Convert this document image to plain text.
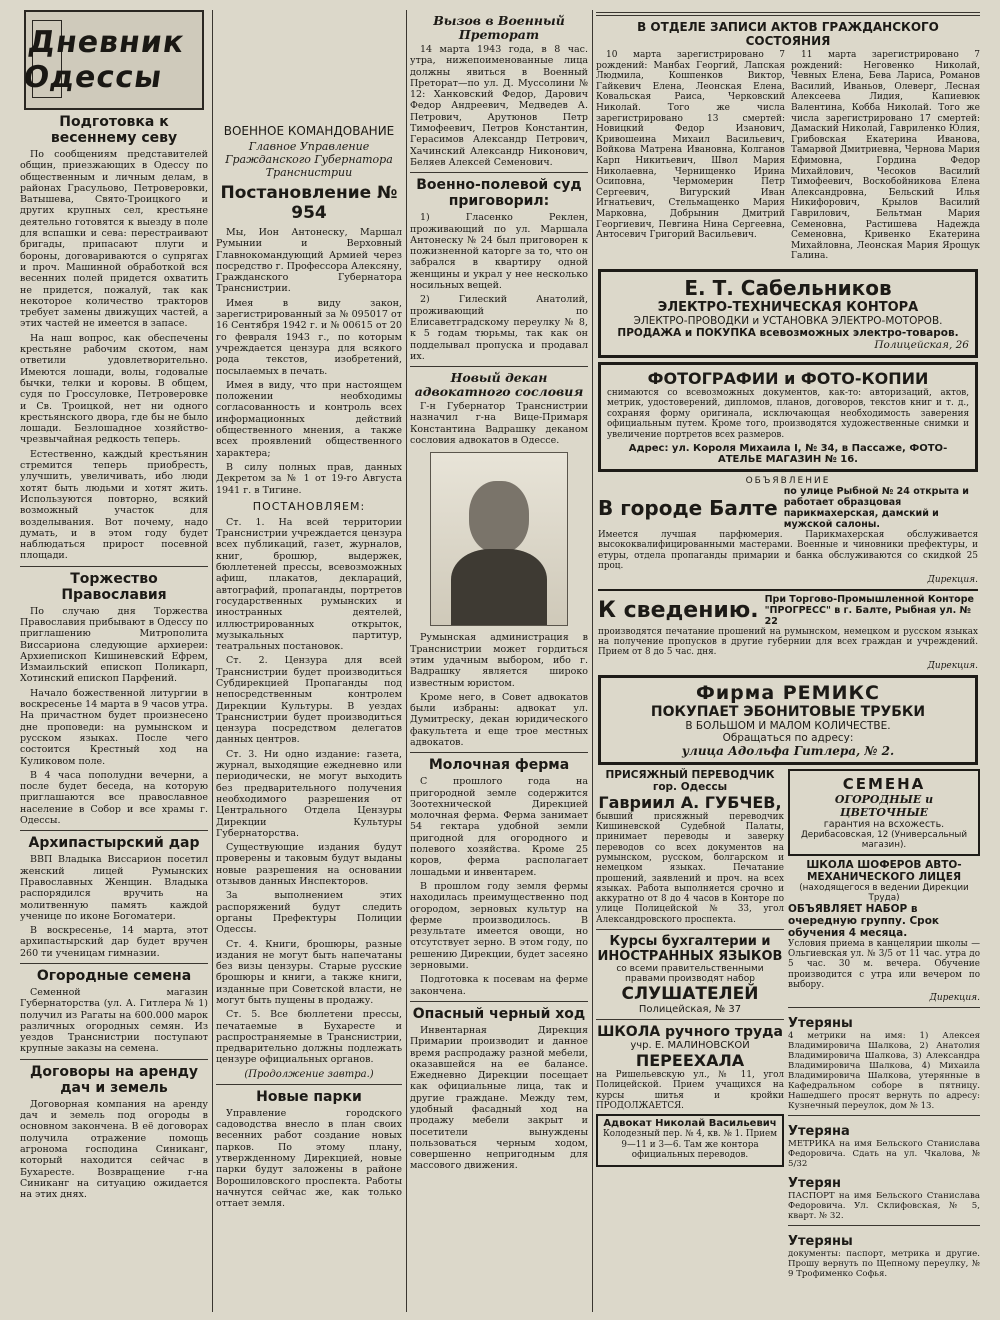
Дневник Одессы
Подготовка к весеннему севу

По сообщениям представителей общин, приезжающих в Одессу по общественным и личным делам, в районах Грасульово, Петроверовки, Ватышева, Свято-Троицкого и других крупных сел, крестьяне деятельно готовятся к выезду в поле для вспашки и сева: перестраивают бригады, припасают плуги и бороны, договариваются о супрягах и проч. Машинной обработкой вся весенних полей придется охватить не придется, пожалуй, так как некоторое количество тракторов требует замены движущих частей, а этих частей не имеется в запасе.

На наш вопрос, как обеспечены крестьяне рабочим скотом, нам ответили удовлетворительно. Имеются лошади, волы, годовалые бычки, телки и коровы. В общем, судя по Гроссуловке, Петроверовке и Св. Троицкой, нет ни одного крестьянского двора, где бы не было лошади. Безлошадное хозяйство-чрезвычайная редкость теперь.

Естественно, каждый крестьянин стремится теперь приобресть, улучшить, увеличивать, ибо люди хотят быть людьми и хотят жить. Используются повторно, всякий возможный участок для возделывания. Вот почему, надо думать, и в этом году будет наблюдаться прирост посевной площади.

Торжество Православия

По случаю дня Торжества Православия прибывают в Одессу по приглашению Митрополита Виссариона следующие архиереи: Архиепископ Кишиневский Ефрем, Измаильский епископ Поликарп, Хотинский епископ Парфений.

Начало божественной литургии в воскресенье 14 марта в 9 часов утра. На причастном будет произнесено дне проповеди: на румынском и русском языках. После чего состоится Крестный ход на Куликовом поле.

В 4 часа пополудни вечерни, а после будет беседа, на которую приглашаются все православное население в Собор и все храмы г. Одессы.

Архипастырский дар

ВВП Владыка Виссарион посетил женский лицей Румынских Православных Женщин. Владыка распорядился вручить на молитвенную память каждой ученице по иконе Богоматери.

В воскресенье, 14 марта, этот архипастырский дар будет вручен 260 ти ученицам гимназии.

Огородные семена

Семенной магазин Губернаторства (ул. А. Гитлера № 1) получил из Рагаты на 600.000 марок различных огородных семян. Из уездов Транснистрии поступают крупные заказы на семена.

Договоры на аренду дач и земель

Договорная компания на аренду дач и земель под огороды в основном закончена. В её договорах получила отражение помощь агронома господина Синиканг, который находится сейчас в Бухаресте. Возвращение г-на Синиканг на ситуацию ожидается на этих днях.

ВОЕННОЕ КОМАНДОВАНИЕ
Главное Управление Гражданского Губернатора Транснистрии
Постановление № 954

Мы, Ион Антонеску, Маршал Румынии и Верховный Главнокомандующий Армией через посредство г. Профессора Алексяну, Гражданского Губернатора Транснистрии.

Имея в виду закон, зарегистрированный за № 095017 от 16 Сентября 1942 г. и № 00615 от 20 го февраля 1943 г., по которым учреждается цензура для всякого рода текстов, изобретений, посылаемых в печать.

Имея в виду, что при настоящем положении необходимы согласованность и контроль всех информационных действий общественного мнения, а также всех проявлений общественного характера;

В силу полных прав, данных Декретом за № 1 от 19-го Августа 1941 г. в Тигине.

ПОСТАНОВЛЯЕМ:

Ст. 1. На всей территории Транснистрии учреждается цензура всех публикаций, газет, журналов, книг, брошюр, выдержек, бюллетеней прессы, всевозможных афиш, плакатов, деклараций, автографий, пропаганды, портретов государственных румынских и иностранных деятелей, иллюстрированных открыток, музыкальных партитур, театральных постановок.

Ст. 2. Цензура для всей Транснистрии будет производиться Субдирекцией Пропаганды под непосредственным контролем Дирекции Культуры. В уездах Транснистрии будет производиться цензура посредством делегатов данных центров.

Ст. 3. Ни одно издание: газета, журнал, выходящие ежедневно или периодически, не могут выходить без предварительного получения необходимого разрешения от Центрального Отдела Цензуры Дирекции Культуры Губернаторства.

Существующие издания будут проверены и таковым будут выданы новые разрешения на основании отзывов данных Инспекторов.

За выполнением этих распоряжений будут следить органы Префектуры Полиции Одессы.

Ст. 4. Книги, брошюры, разные издания не могут быть напечатаны без визы цензуры. Старые русские брошюры и книги, а также книги, изданные при Советской власти, не могут быть пущены в продажу.

Ст. 5. Все бюллетени прессы, печатаемые в Бухаресте и распространяемые в Транснистрии, предварительно должны подлежать цензуре официальных органов.

(Продолжение завтра.)
Новые парки

Управление городского садоводства внесло в план своих весенних работ создание новых парков. По этому плану, утвержденному Дирекцией, новые парки будут заложены в районе Ворошиловского проспекта. Работы начнутся сейчас же, как только оттает земля.

Вызов в Военный Преторат

14 марта 1943 года, в 8 час. утра, нижепоименованные лица должны явиться в Военный Преторат—по ул. Д. Муссолини № 12: Ханковский Федор, Дарович Федор Андреевич, Медведев А. Петрович, Арутюнов Петр Тимофеевич, Петров Константин, Герасимов Александр Петрович, Хачинский Александр Никонович, Беляев Алексей Семенович.

Военно-полевой суд приговорил:

1) Гласенко Реклен, проживающий по ул. Маршала Антонеску № 24 был приговорен к пожизненной каторге за то, что он забрался в квартиру одной женщины и украл у нее несколько носильных вещей.

2) Гилеский Анатолий, проживающий по Елисаветградскому переулку № 8, к 5 годам тюрьмы, так как он подделывал пропуска и продавал их.

Новый декан адвокатного сословия

Г-н Губернатор Транснистрии назначил г-на Вице-Примаря Константина Вадрашку деканом сословия адвокатов в Одессе.

Румынская администрация в Транснистрии может гордиться этим удачным выбором, ибо г. Вадрашку является широко известным юристом.

Кроме него, в Совет адвокатов были избраны: адвокат ул. Думитреску, декан юридического факультета и еще трое местных адвокатов.

Молочная ферма

С прошлого года на пригородной земле содержится Зоотехнической Дирекцией молочная ферма. Ферма занимает 54 гектара удобной земли пригодной для огородного и полевого хозяйства. Кроме 25 коров, ферма располагает лошадьми и инвентарем.

В прошлом году земля фермы находилась преимущественно под огородом, зерновых культур на ферме производилось. В результате имеется овощи, но отсутствует зерно. В этом году, по решению Дирекции, будет засеяно зерновыми.

Подготовка к посевам на ферме закончена.

Опасный черный ход

Инвентарная Дирекция Примарии производит и данное время распродажу разной мебели, оказавшейся на ее балансе. Ежедневно Дирекции посещает как официальные лица, так и другие граждане. Между тем, удобный фасадный ход на продажу мебели закрыт и посетители вынуждены пользоваться черным ходом, совершенно непригодным для массового движения.

В ОТДЕЛЕ ЗАПИСИ АКТОВ ГРАЖДАНСКОГО СОСТОЯНИЯ

10 марта зарегистрировано 7 рождений: Манбах Георгий, Лапская Людмила, Кошпенков Виктор, Гайкевич Елена, Леонская Елена, Ковальская Раиса, Черковский Николай. Того же числа зарегистрировано 13 смертей: Новицкий Федор Изанович, Кривошеина Михаил Васильевич, Войкова Матрена Ивановна, Колганов Карп Никитьевич, Швол Мария Николаевна, Чернищенко Ирина Осиповна, Чермомерин Петр Сергеевич, Вигурский Иван Игнатьевич, Стельмащенко Мария Марковна, Добрынин Дмитрий Георгиевич, Певгина Нина Сергеевна, Антосевич Григорий Васильевич.

11 марта зарегистрировано 7 рождений: Неговенко Николай, Чевных Елена, Бева Лариса, Романов Василий, Иваньов, Олеверг, Лесная Алексеева Лидия, Капиевюк Валентина, Кобба Николай. Того же числа зарегистрировано 17 смертей: Дамаский Николай, Гавриленко Юлия, Грибовская Екатерина Иванова, Тамарвой Дмитриевна, Чернова Мария Ефимовна, Гордина Федор Михайлович, Чесоков Василий Тимофеевич, Воскобойникова Елена Александровна, Бельский Илья Никифорович, Крылов Василий Гаврилович, Бельтман Мария Семеновна, Растишева Надежда Семеновна, Кривенко Екатерина Михайловна, Леонская Мария Ярощук Галина.

Е. Т. Сабельников
ЭЛЕКТРО-ТЕХНИЧЕСКАЯ КОНТОРА
ЭЛЕКТРО-ПРОВОДКИ и УСТАНОВКА ЭЛЕКТРО-МОТОРОВ.
ПРОДАЖА и ПОКУПКА всевозможных электро-товаров.
Полицейская, 26
ФОТОГРАФИИ и ФОТО-КОПИИ

снимаются со всевозможных документов, как-то: авторизаций, актов, метрик, удостоверений, дипломов, планов, договоров, текстов книг и т. д., сохраняя форму оригинала, исключающая необходимость заверения официальным путем. Кроме того, производятся художественные снимки и увеличение портретов всех размеров.

Адрес: ул. Короля Михаила I, № 34, в Пассаже, ФОТО-АТЕЛЬЕ МАГАЗИН № 16.
ОБЪЯВЛЕНИЕ
В городе Балте
по улице Рыбной № 24 открыта и работает образцовая парикмахерская, дамский и мужской салоны.

Имеется лучшая парфюмерия. Парикмахерская обслуживается высококвалифицированными мастерами. Военные и чиновники префектуры, и етуры, отдела пропаганды примарии и банка обслуживаются со скидкой 25 проц.

Дирекция.
К сведению. При Торгово-Промышленной Конторе "ПРОГРЕСС" в г. Балте, Рыбная ул. № 22

производятся печатание прошений на румынском, немецком и русском языках на получение пропусков в другие губернии для всех граждан и учреждений. Прием от 8 до 5 час. дня.

Дирекция.
Фирма РЕМИКС
ПОКУПАЕТ ЭБОНИТОВЫЕ ТРУБКИ
В БОЛЬШОМ И МАЛОМ КОЛИЧЕСТВЕ.
Обращаться по адресу:
улица Адольфа Гитлера, № 2.
ПРИСЯЖНЫЙ ПЕРЕВОДЧИК гор. Одессы
Гавриил А. ГУБЧЕВ,

бывший присяжный переводчик Кишиневской Судебной Палаты, принимает переводы и заверку переводов со всех документов на румынском, русском, болгарском и немецком языках. Печатание прошений, заявлений и проч. на всех языках. Работа выполняется срочно и аккуратно от 8 до 4 часов в Конторе по улице Полицейской № 33, угол Александровского проспекта.

Курсы бухгалтерии и ИНОСТРАННЫХ ЯЗЫКОВ
со всеми правительственными правами производят набор
СЛУШАТЕЛЕЙ
Полицейская, № 37
ШКОЛА ручного труда
учр. Е. МАЛИНОВСКОЙ
ПЕРЕЕХАЛА

на Ришельевскую ул., № 11, угол Полицейской. Прием учащихся на курсы шитья и кройки ПРОДОЛЖАЕТСЯ.

Адвокат Николай Васильевич

Колодезный пер. № 4, кв. № 1. Прием 9—11 и 3—6. Там же контора официальных переводов.

СЕМЕНА
ОГОРОДНЫЕ и ЦВЕТОЧНЫЕ
гарантия на всхожесть.
Дерибасовская, 12 (Универсальный магазин).
ШКОЛА ШОФЕРОВ АВТО-МЕХАНИЧЕСКОГО ЛИЦЕЯ
(находящегося в ведении Дирекции Труда)
ОБЪЯВЛЯЕТ НАБОР в очередную группу. Срок обучения 4 месяца.

Условия приема в канцелярии школы — Ольгиевская ул. № 3/5 от 11 час. утра до 5 час. 30 м. вечера. Обучение производится с утра или вечером по выбору.

Дирекция.
Утеряны

4 метрики на имя: 1) Алексея Владимировича Шалкова, 2) Анатолия Владимировича Шалкова, 3) Александра Владимировича Шалкова, 4) Михаила Владимировича Шалкова, утерянные в Кафедральном соборе в пятницу. Нашедшего просят вернуть по адресу: Кузнечный переулок, дом № 13.

Утеряна

МЕТРИКА на имя Бельского Станислава Федоровича. Сдать на ул. Чкалова, № 5/32

Утерян

ПАСПОРТ на имя Бельского Станислава Федоровича. Ул. Склифовская, № 5, кварт. № 32.

Утеряны

документы: паспорт, метрика и другие. Прошу вернуть по Щепному переулку, № 9 Трофименко Софья.
